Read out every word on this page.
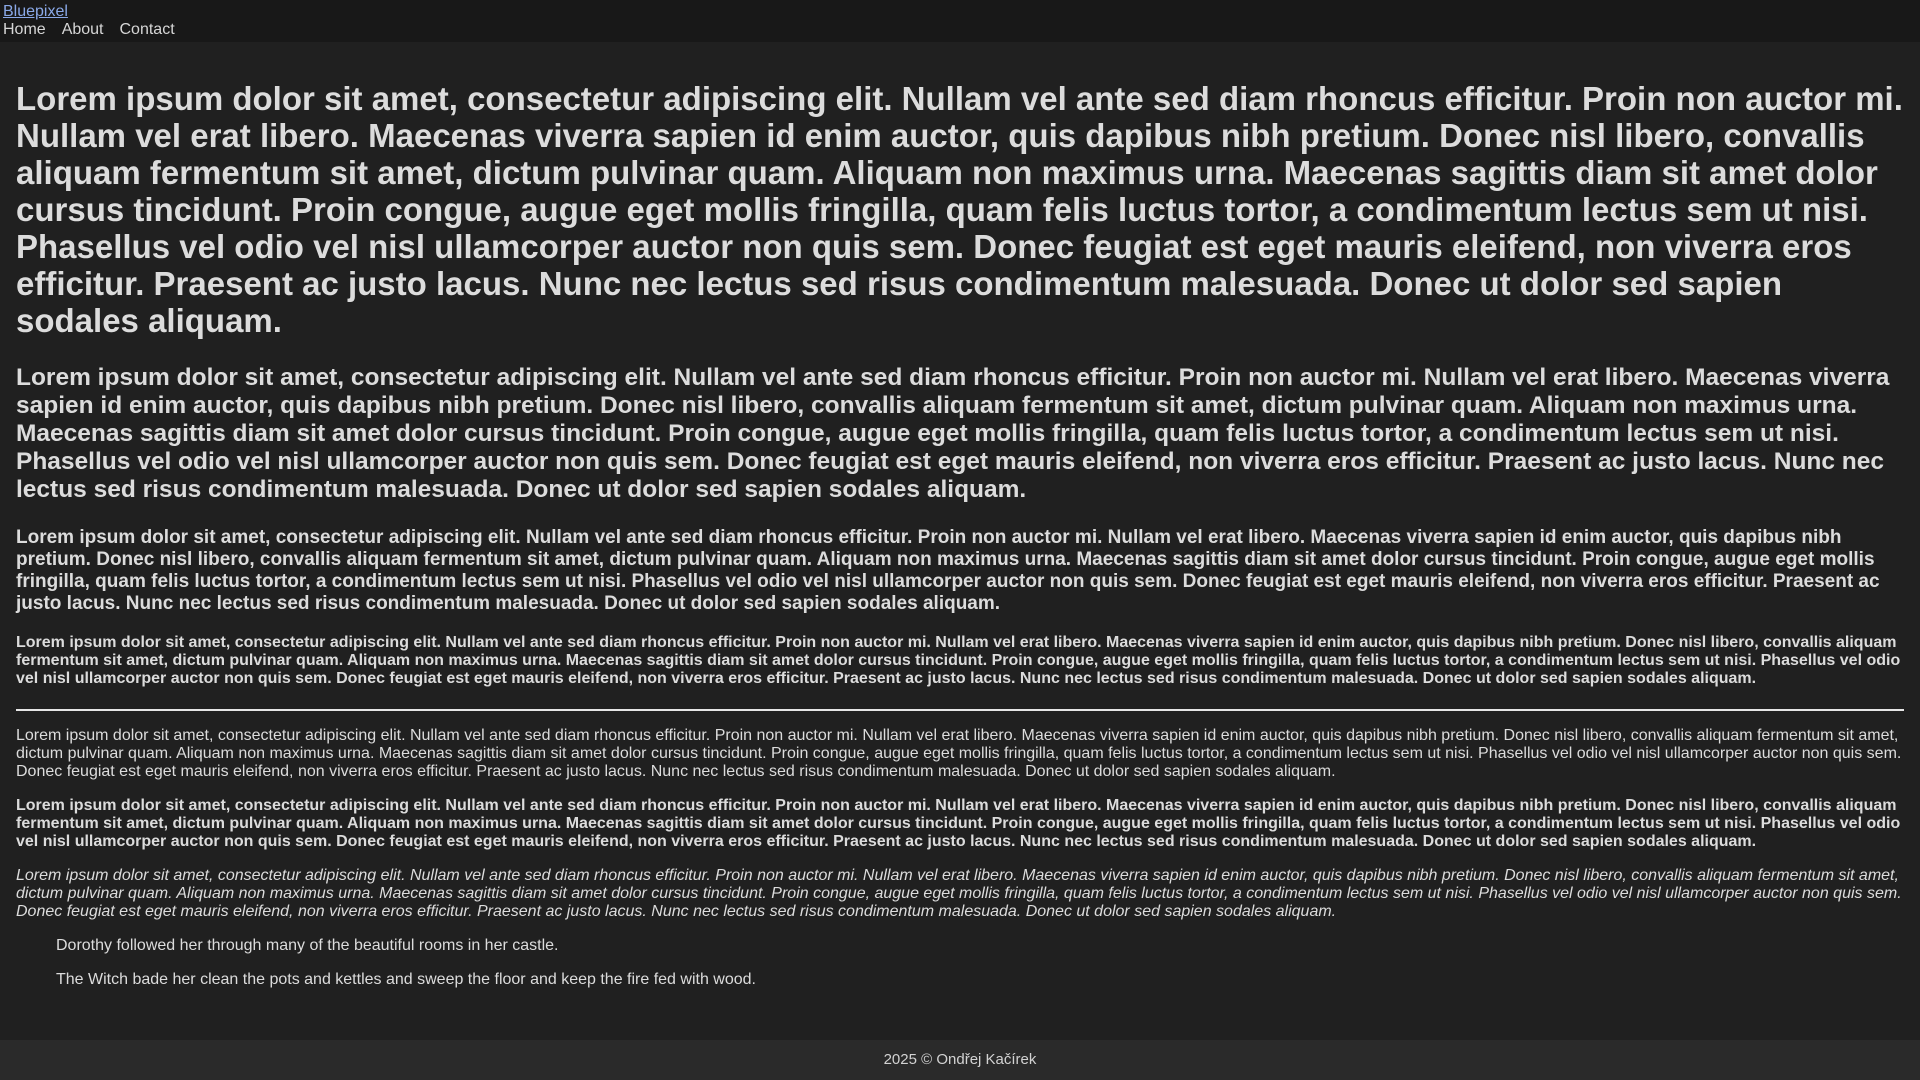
Bluepixel
Home About Contact
Lorem ipsum dolor sit amet, consectetur adipiscing elit. Nullam vel ante sed diam rhoncus efficitur. Proin non auctor mi. Nullam vel erat libero. Maecenas viverra sapien id enim auctor, quis dapibus nibh pretium. Donec nisl libero, convallis aliquam fermentum sit amet, dictum pulvinar quam. Aliquam non maximus urna. Maecenas sagittis diam sit amet dolor cursus tincidunt. Proin congue, augue eget mollis fringilla, quam felis luctus tortor, a condimentum lectus sem ut nisi. Phasellus vel odio vel nisl ullamcorper auctor non quis sem. Donec feugiat est eget mauris eleifend, non viverra eros efficitur. Praesent ac justo lacus. Nunc nec lectus sed risus condimentum malesuada. Donec ut dolor sed sapien sodales aliquam.
Lorem ipsum dolor sit amet, consectetur adipiscing elit. Nullam vel ante sed diam rhoncus efficitur. Proin non auctor mi. Nullam vel erat libero. Maecenas viverra sapien id enim auctor, quis dapibus nibh pretium. Donec nisl libero, convallis aliquam fermentum sit amet, dictum pulvinar quam. Aliquam non maximus urna. Maecenas sagittis diam sit amet dolor cursus tincidunt. Proin congue, augue eget mollis fringilla, quam felis luctus tortor, a condimentum lectus sem ut nisi. Phasellus vel odio vel nisl ullamcorper auctor non quis sem. Donec feugiat est eget mauris eleifend, non viverra eros efficitur. Praesent ac justo lacus. Nunc nec lectus sed risus condimentum malesuada. Donec ut dolor sed sapien sodales aliquam.
Lorem ipsum dolor sit amet, consectetur adipiscing elit. Nullam vel ante sed diam rhoncus efficitur. Proin non auctor mi. Nullam vel erat libero. Maecenas viverra sapien id enim auctor, quis dapibus nibh pretium. Donec nisl libero, convallis aliquam fermentum sit amet, dictum pulvinar quam. Aliquam non maximus urna. Maecenas sagittis diam sit amet dolor cursus tincidunt. Proin congue, augue eget mollis fringilla, quam felis luctus tortor, a condimentum lectus sem ut nisi. Phasellus vel odio vel nisl ullamcorper auctor non quis sem. Donec feugiat est eget mauris eleifend, non viverra eros efficitur. Praesent ac justo lacus. Nunc nec lectus sed risus condimentum malesuada. Donec ut dolor sed sapien sodales aliquam.
Lorem ipsum dolor sit amet, consectetur adipiscing elit. Nullam vel ante sed diam rhoncus efficitur. Proin non auctor mi. Nullam vel erat libero. Maecenas viverra sapien id enim auctor, quis dapibus nibh pretium. Donec nisl libero, convallis aliquam fermentum sit amet, dictum pulvinar quam. Aliquam non maximus urna. Maecenas sagittis diam sit amet dolor cursus tincidunt. Proin congue, augue eget mollis fringilla, quam felis luctus tortor, a condimentum lectus sem ut nisi. Phasellus vel odio vel nisl ullamcorper auctor non quis sem. Donec feugiat est eget mauris eleifend, non viverra eros efficitur. Praesent ac justo lacus. Nunc nec lectus sed risus condimentum malesuada. Donec ut dolor sed sapien sodales aliquam.

Lorem ipsum dolor sit amet, consectetur adipiscing elit. Nullam vel ante sed diam rhoncus efficitur. Proin non auctor mi. Nullam vel erat libero. Maecenas viverra sapien id enim auctor, quis dapibus nibh pretium. Donec nisl libero, convallis aliquam fermentum sit amet, dictum pulvinar quam. Aliquam non maximus urna. Maecenas sagittis diam sit amet dolor cursus tincidunt. Proin congue, augue eget mollis fringilla, quam felis luctus tortor, a condimentum lectus sem ut nisi. Phasellus vel odio vel nisl ullamcorper auctor non quis sem. Donec feugiat est eget mauris eleifend, non viverra eros efficitur. Praesent ac justo lacus. Nunc nec lectus sed risus condimentum malesuada. Donec ut dolor sed sapien sodales aliquam.

Lorem ipsum dolor sit amet, consectetur adipiscing elit. Nullam vel ante sed diam rhoncus efficitur. Proin non auctor mi. Nullam vel erat libero. Maecenas viverra sapien id enim auctor, quis dapibus nibh pretium. Donec nisl libero, convallis aliquam fermentum sit amet, dictum pulvinar quam. Aliquam non maximus urna. Maecenas sagittis diam sit amet dolor cursus tincidunt. Proin congue, augue eget mollis fringilla, quam felis luctus tortor, a condimentum lectus sem ut nisi. Phasellus vel odio vel nisl ullamcorper auctor non quis sem. Donec feugiat est eget mauris eleifend, non viverra eros efficitur. Praesent ac justo lacus. Nunc nec lectus sed risus condimentum malesuada. Donec ut dolor sed sapien sodales aliquam.

Lorem ipsum dolor sit amet, consectetur adipiscing elit. Nullam vel ante sed diam rhoncus efficitur. Proin non auctor mi. Nullam vel erat libero. Maecenas viverra sapien id enim auctor, quis dapibus nibh pretium. Donec nisl libero, convallis aliquam fermentum sit amet, dictum pulvinar quam. Aliquam non maximus urna. Maecenas sagittis diam sit amet dolor cursus tincidunt. Proin congue, augue eget mollis fringilla, quam felis luctus tortor, a condimentum lectus sem ut nisi. Phasellus vel odio vel nisl ullamcorper auctor non quis sem. Donec feugiat est eget mauris eleifend, non viverra eros efficitur. Praesent ac justo lacus. Nunc nec lectus sed risus condimentum malesuada. Donec ut dolor sed sapien sodales aliquam.

Dorothy followed her through many of the beautiful rooms in her castle.

The Witch bade her clean the pots and kettles and sweep the floor and keep the fire fed with wood.

2025 © Ondřej Kačírek
